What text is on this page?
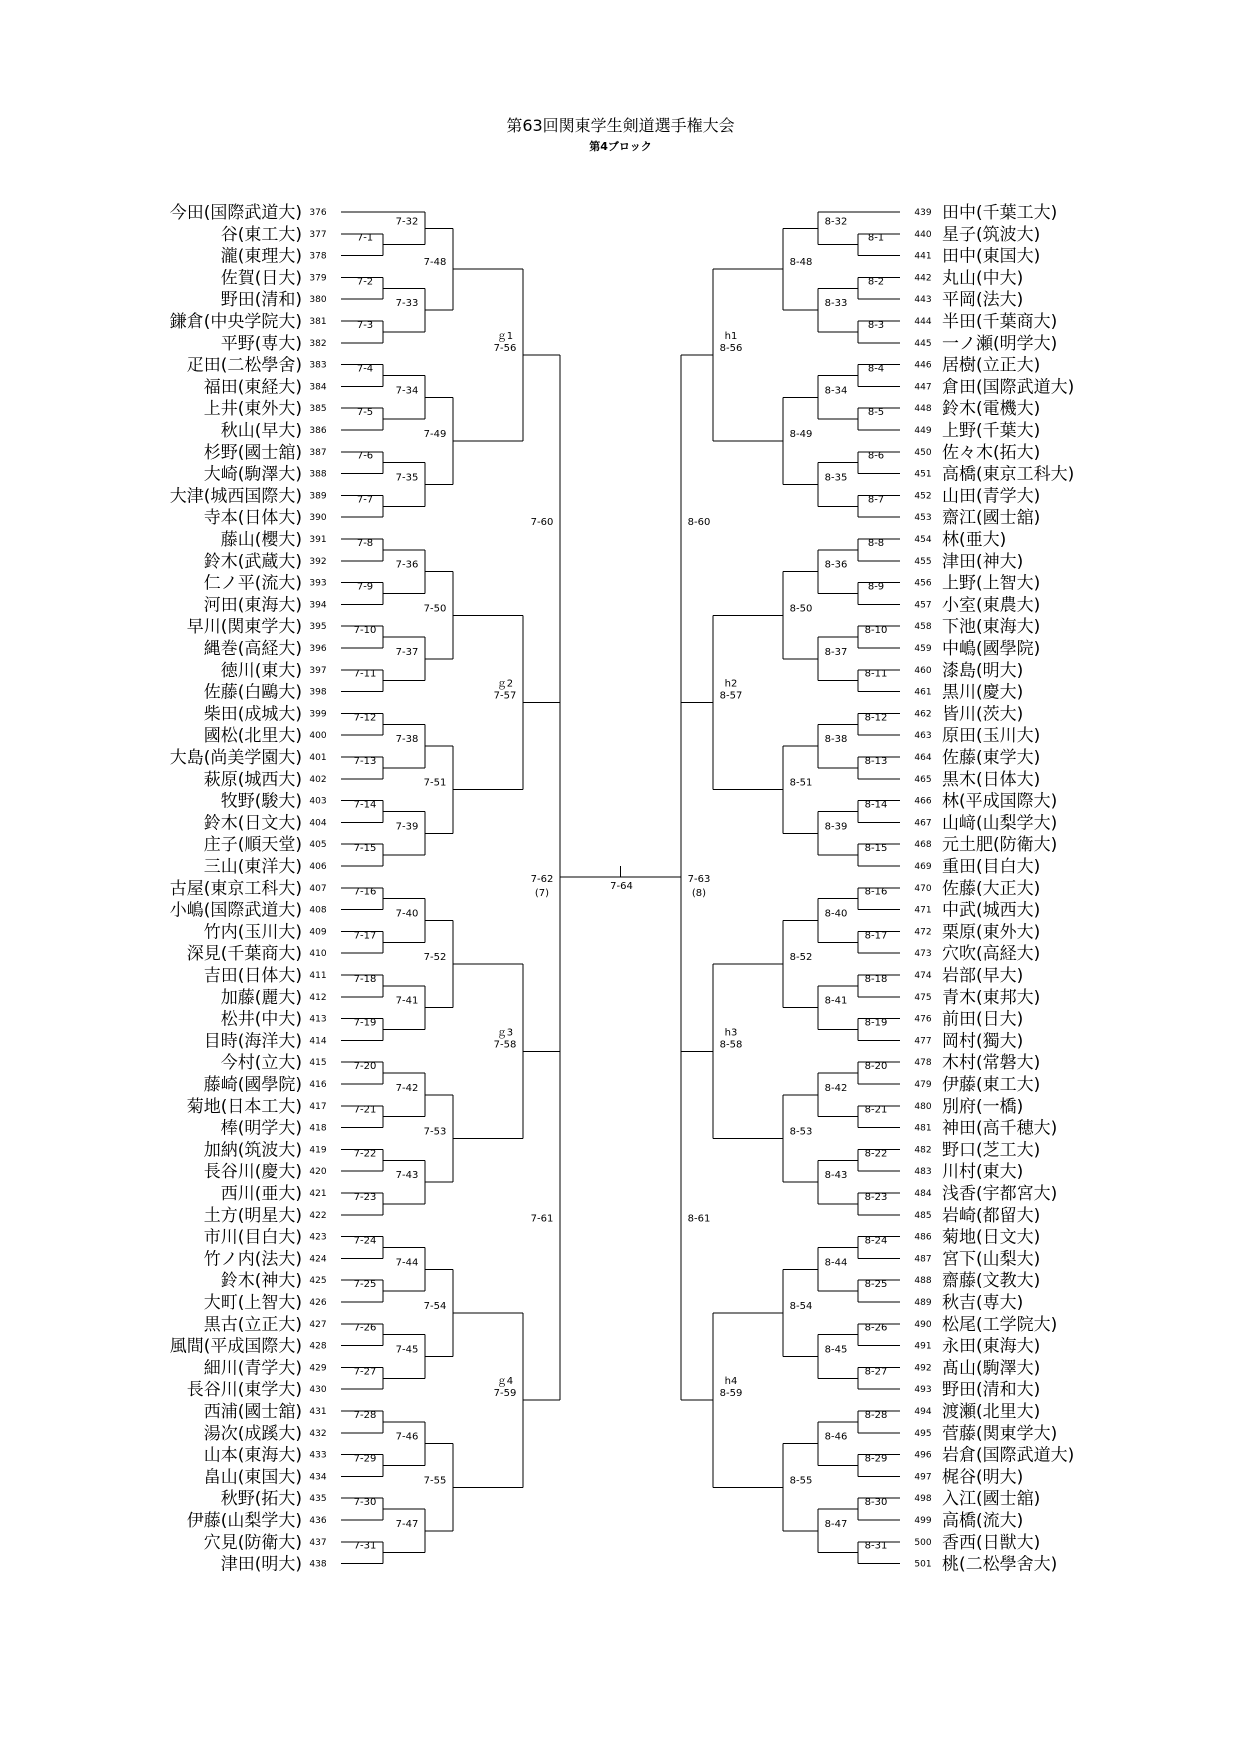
第63回関東学生剣道選手権大会
第4ブロック
今田(国際武道大) 376
谷(東工大) 377
瀧(東理大) 378
佐賀(日大) 379
野田(清和) 380
鎌倉(中央学院大) 381
平野(専大) 382
疋田(二松學舍) 383
福田(東経大) 384
上井(東外大) 385
秋山(早大) 386
杉野(國士舘) 387
大崎(駒澤大) 388
大津(城西国際大) 389
寺本(日体大) 390
藤山(櫻大) 391
鈴木(武蔵大) 392
仁ノ平(流大) 393
河田(東海大) 394
早川(関東学大) 395
縄巻(高経大) 396
徳川(東大) 397
佐藤(白鷗大) 398
柴田(成城大) 399
國松(北里大) 400
大島(尚美学園大) 401
萩原(城西大) 402
牧野(駿大) 403
鈴木(日文大) 404
庄子(順天堂) 405
三山(東洋大) 406
古屋(東京工科大) 407
小嶋(国際武道大) 408
竹内(玉川大) 409
深見(千葉商大) 410
吉田(日体大) 411
加藤(麗大) 412
松井(中大) 413
目時(海洋大) 414
今村(立大) 415
藤崎(國學院) 416
菊地(日本工大) 417
棒(明学大) 418
加納(筑波大) 419
長谷川(慶大) 420
西川(亜大) 421
土方(明星大) 422
市川(目白大) 423
竹ノ内(法大) 424
鈴木(神大) 425
大町(上智大) 426
黒古(立正大) 427
風間(平成国際大) 428
細川(青学大) 429
長谷川(東学大) 430
西浦(國士舘) 431
湯次(成蹊大) 432
山本(東海大) 433
畠山(東国大) 434
秋野(拓大) 435
伊藤(山梨学大) 436
穴見(防衛大) 437
津田(明大) 438
7-1
7-2
7-3
7-4
7-5
7-6
7-7
7-8
7-9
7-10
7-11
7-12
7-13
7-14
7-15
7-16
7-17
7-18
7-19
7-20
7-21
7-22
7-23
7-24
7-25
7-26
7-27
7-28
7-29
7-30
7-31
7-32
7-33
7-34
7-35
7-36
7-37
7-38
7-39
7-40
7-41
7-42
7-43
7-44
7-45
7-46
7-47
7-48
7-49
7-50
7-51
7-52
7-53
7-54
7-55
7-56
ｇ1
7-57
ｇ2
7-58
ｇ3
7-59
ｇ4
7-60
7-61
7-62
(7)
田中(千葉工大)
439
星子(筑波大)
440
田中(東国大)
441
丸山(中大)
442
平岡(法大)
443
半田(千葉商大)
444
一ノ瀬(明学大)
445
居樹(立正大)
446
倉田(国際武道大)
447
鈴木(電機大)
448
上野(千葉大)
449
佐々木(拓大)
450
高橋(東京工科大)
451
山田(青学大)
452
齋江(國士舘)
453
林(亜大)
454
津田(神大)
455
上野(上智大)
456
小室(東農大)
457
下池(東海大)
458
中嶋(國學院)
459
漆島(明大)
460
黒川(慶大)
461
皆川(茨大)
462
原田(玉川大)
463
佐藤(東学大)
464
黒木(日体大)
465
林(平成国際大)
466
山﨑(山梨学大)
467
元土肥(防衛大)
468
重田(目白大)
469
佐藤(大正大)
470
中武(城西大)
471
栗原(東外大)
472
穴吹(高経大)
473
岩部(早大)
474
青木(東邦大)
475
前田(日大)
476
岡村(獨大)
477
木村(常磐大)
478
伊藤(東工大)
479
別府(一橋)
480
神田(高千穂大)
481
野口(芝工大)
482
川村(東大)
483
浅香(宇都宮大)
484
岩崎(都留大)
485
菊地(日文大)
486
宮下(山梨大)
487
齋藤(文教大)
488
秋吉(専大)
489
松尾(工学院大)
490
永田(東海大)
491
髙山(駒澤大)
492
野田(清和大)
493
渡瀬(北里大)
494
菅藤(関東学大)
495
岩倉(国際武道大)
496
梶谷(明大)
497
入江(國士舘)
498
高橋(流大)
499
香西(日獣大)
500
桃(二松學舍大)
501
8-1
8-2
8-3
8-4
8-5
8-6
8-7
8-8
8-9
8-10
8-11
8-12
8-13
8-14
8-15
8-16
8-17
8-18
8-19
8-20
8-21
8-22
8-23
8-24
8-25
8-26
8-27
8-28
8-29
8-30
8-31
8-32
8-33
8-34
8-35
8-36
8-37
8-38
8-39
8-40
8-41
8-42
8-43
8-44
8-45
8-46
8-47
8-48
8-49
8-50
8-51
8-52
8-53
8-54
8-55
8-56
h1
8-57
h2
8-58
h3
8-59
h4
8-60
8-61
7-63
(8)
7-64
